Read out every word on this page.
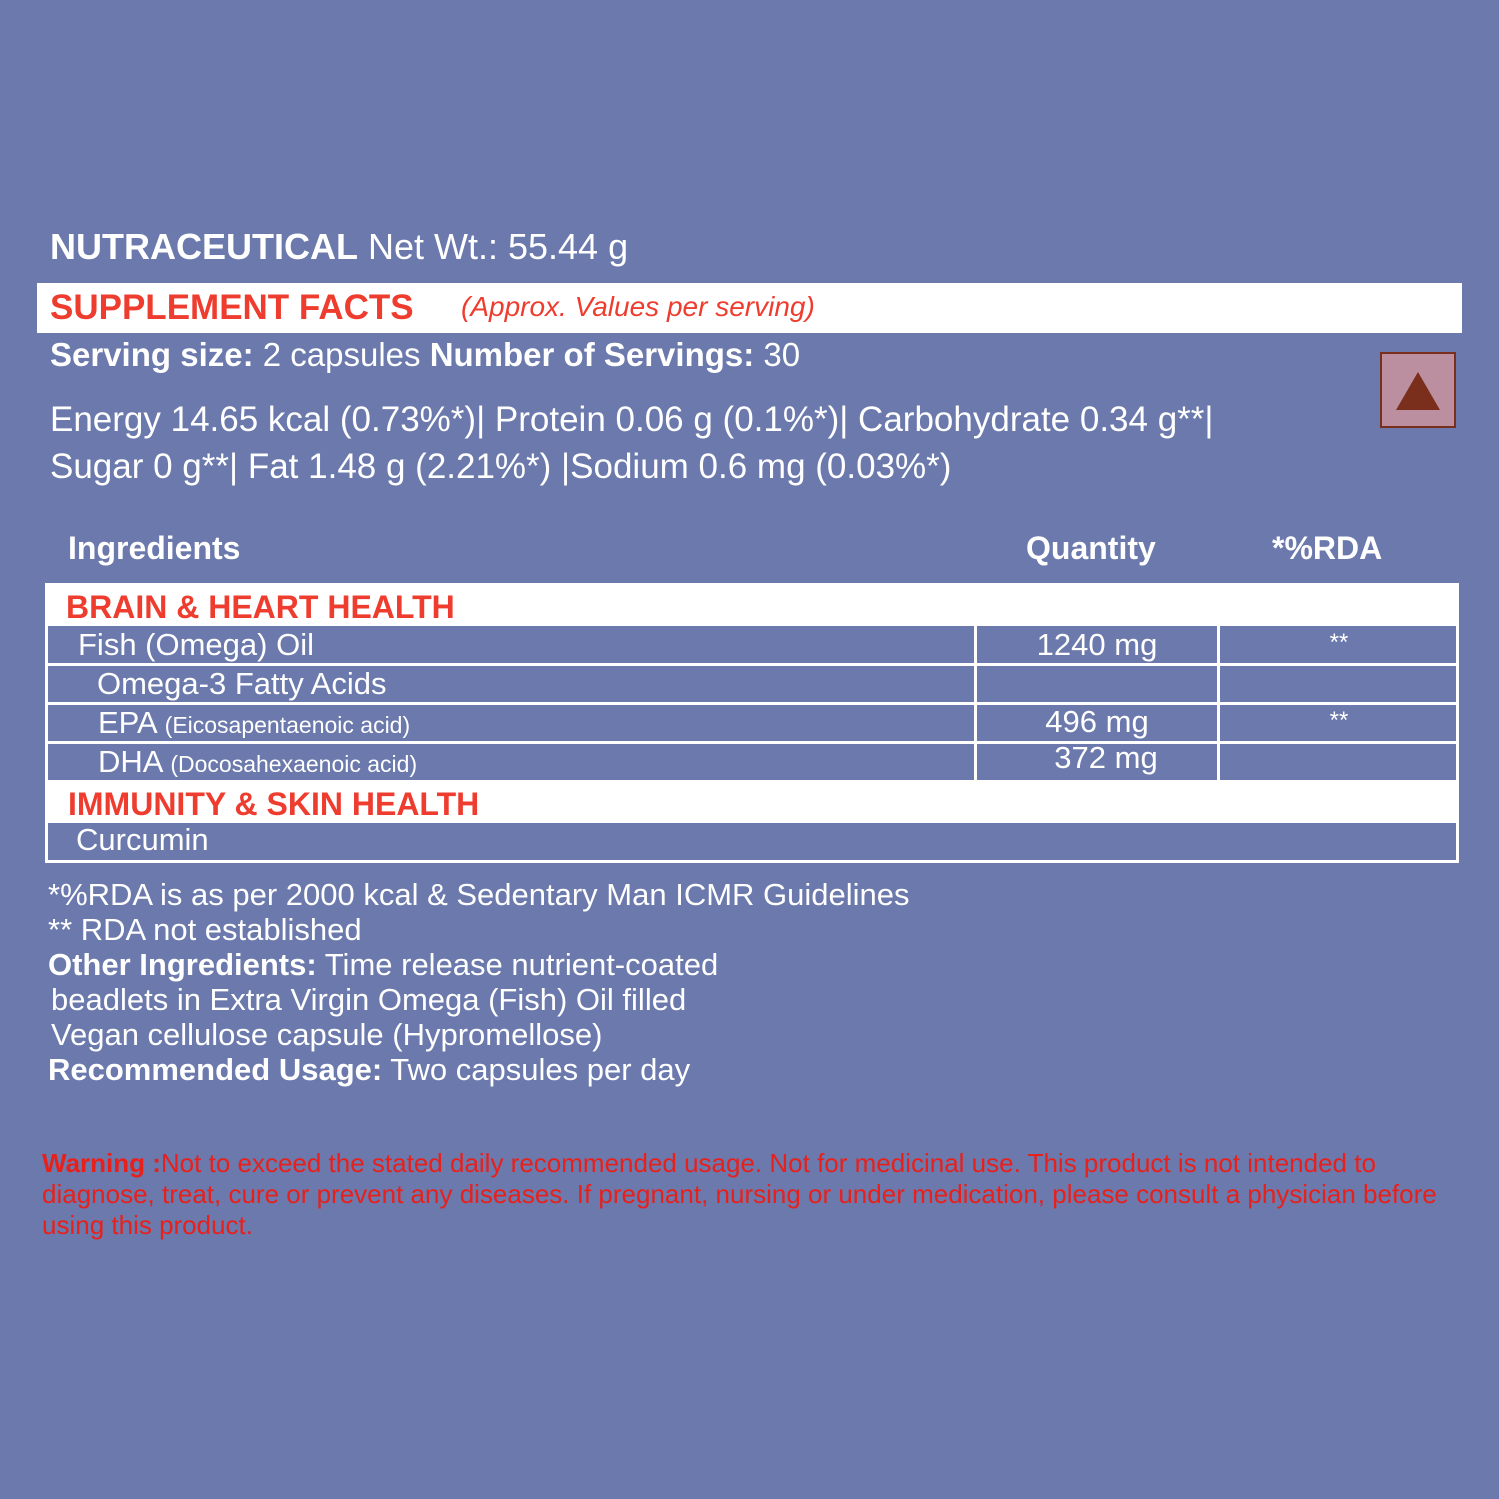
NUTRACEUTICAL Net Wt.: 55.44 g
SUPPLEMENT FACTS (Approx. Values per serving)
Serving size: 2 capsules Number of Servings: 30
Energy 14.65 kcal (0.73%*)| Protein 0.06 g (0.1%*)| Carbohydrate 0.34 g**|
Sugar 0 g**| Fat 1.48 g (2.21%*) |Sodium 0.6 mg (0.03%*)
Ingredients	Quantity	*%RDA
BRAIN & HEART HEALTH
Fish (Omega) Oil	1240 mg	**
Omega-3 Fatty Acids
EPA (Eicosapentaenoic acid)	496 mg	**
DHA (Docosahexaenoic acid)	372 mg
IMMUNITY & SKIN HEALTH
Curcumin
*%RDA is as per 2000 kcal & Sedentary Man ICMR Guidelines
** RDA not established
Other Ingredients: Time release nutrient-coated
beadlets in Extra Virgin Omega (Fish) Oil filled
Vegan cellulose capsule (Hypromellose)
Recommended Usage: Two capsules per day
Warning :Not to exceed the stated daily recommended usage. Not for medicinal use. This product is not intended to diagnose, treat, cure or prevent any diseases. If pregnant, nursing or under medication, please consult a physician before using this product.
